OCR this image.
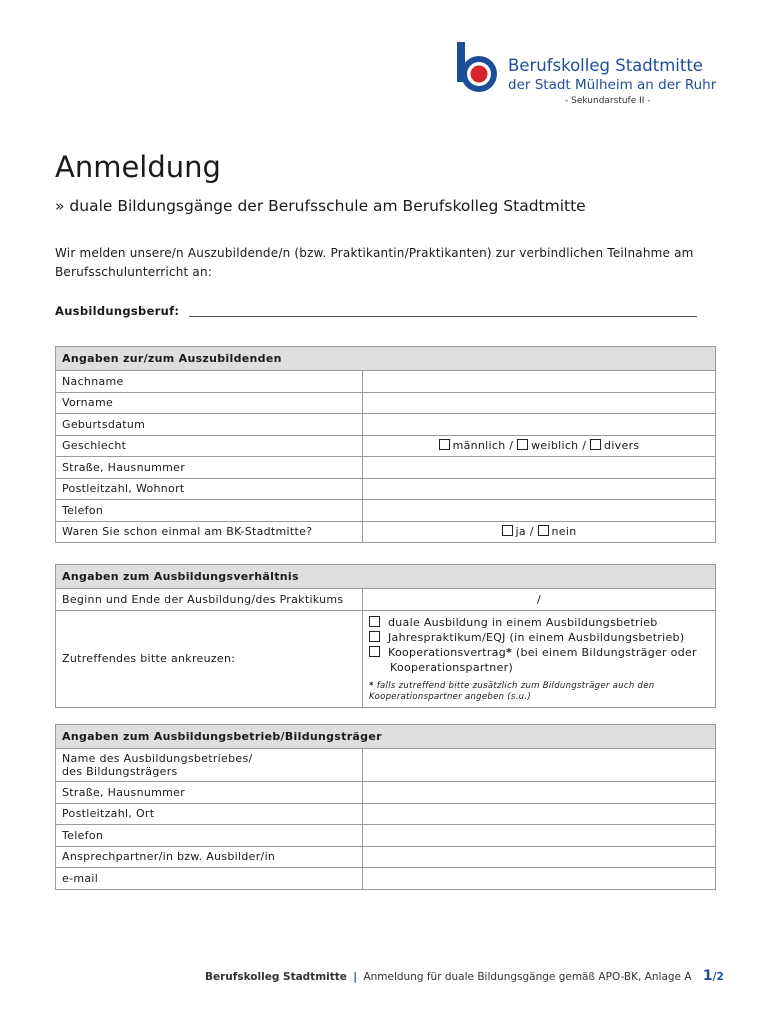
Berufskolleg Stadtmitte
der Stadt Mülheim an der Ruhr
- Sekundarstufe II -
Anmeldung
» duale Bildungsgänge der Berufsschule am Berufskolleg Stadtmitte
Wir melden unsere/n Auszubildende/n (bzw. Praktikantin/Praktikanten) zur verbindlichen Teilnahme am Berufsschulunterricht an:
Ausbildungsberuf:
Angaben zur/zum Auszubildenden	
Nachname	
Vorname	
Geburtsdatum	
Geschlecht	männlich / weiblich / divers
Straße, Hausnummer	
Postleitzahl, Wohnort	
Telefon	
Waren Sie schon einmal am BK-Stadtmitte?	ja / nein
Angaben zum Ausbildungsverhältnis	
Beginn und Ende der Ausbildung/des Praktikums	/
Zutreffendes bitte ankreuzen:	duale Ausbildung in einem Ausbildungsbetrieb
Jahrespraktikum/EQJ (in einem Ausbildungsbetrieb)
Kooperationsvertrag* (bei einem Bildungsträger oder
Kooperationspartner)
* falls zutreffend bitte zusätzlich zum Bildungsträger auch den Kooperationspartner angeben (s.u.)
Angaben zum Ausbildungsbetrieb/Bildungsträger	

Name des Ausbildungsbetriebes/
des Bildungsträgers	

Straße, Hausnummer	
Postleitzahl, Ort	
Telefon	
Ansprechpartner/in bzw. Ausbilder/in	
e-mail	
Berufskolleg Stadtmitte | Anmeldung für duale Bildungsgänge gemäß APO-BK, Anlage A 1/2
